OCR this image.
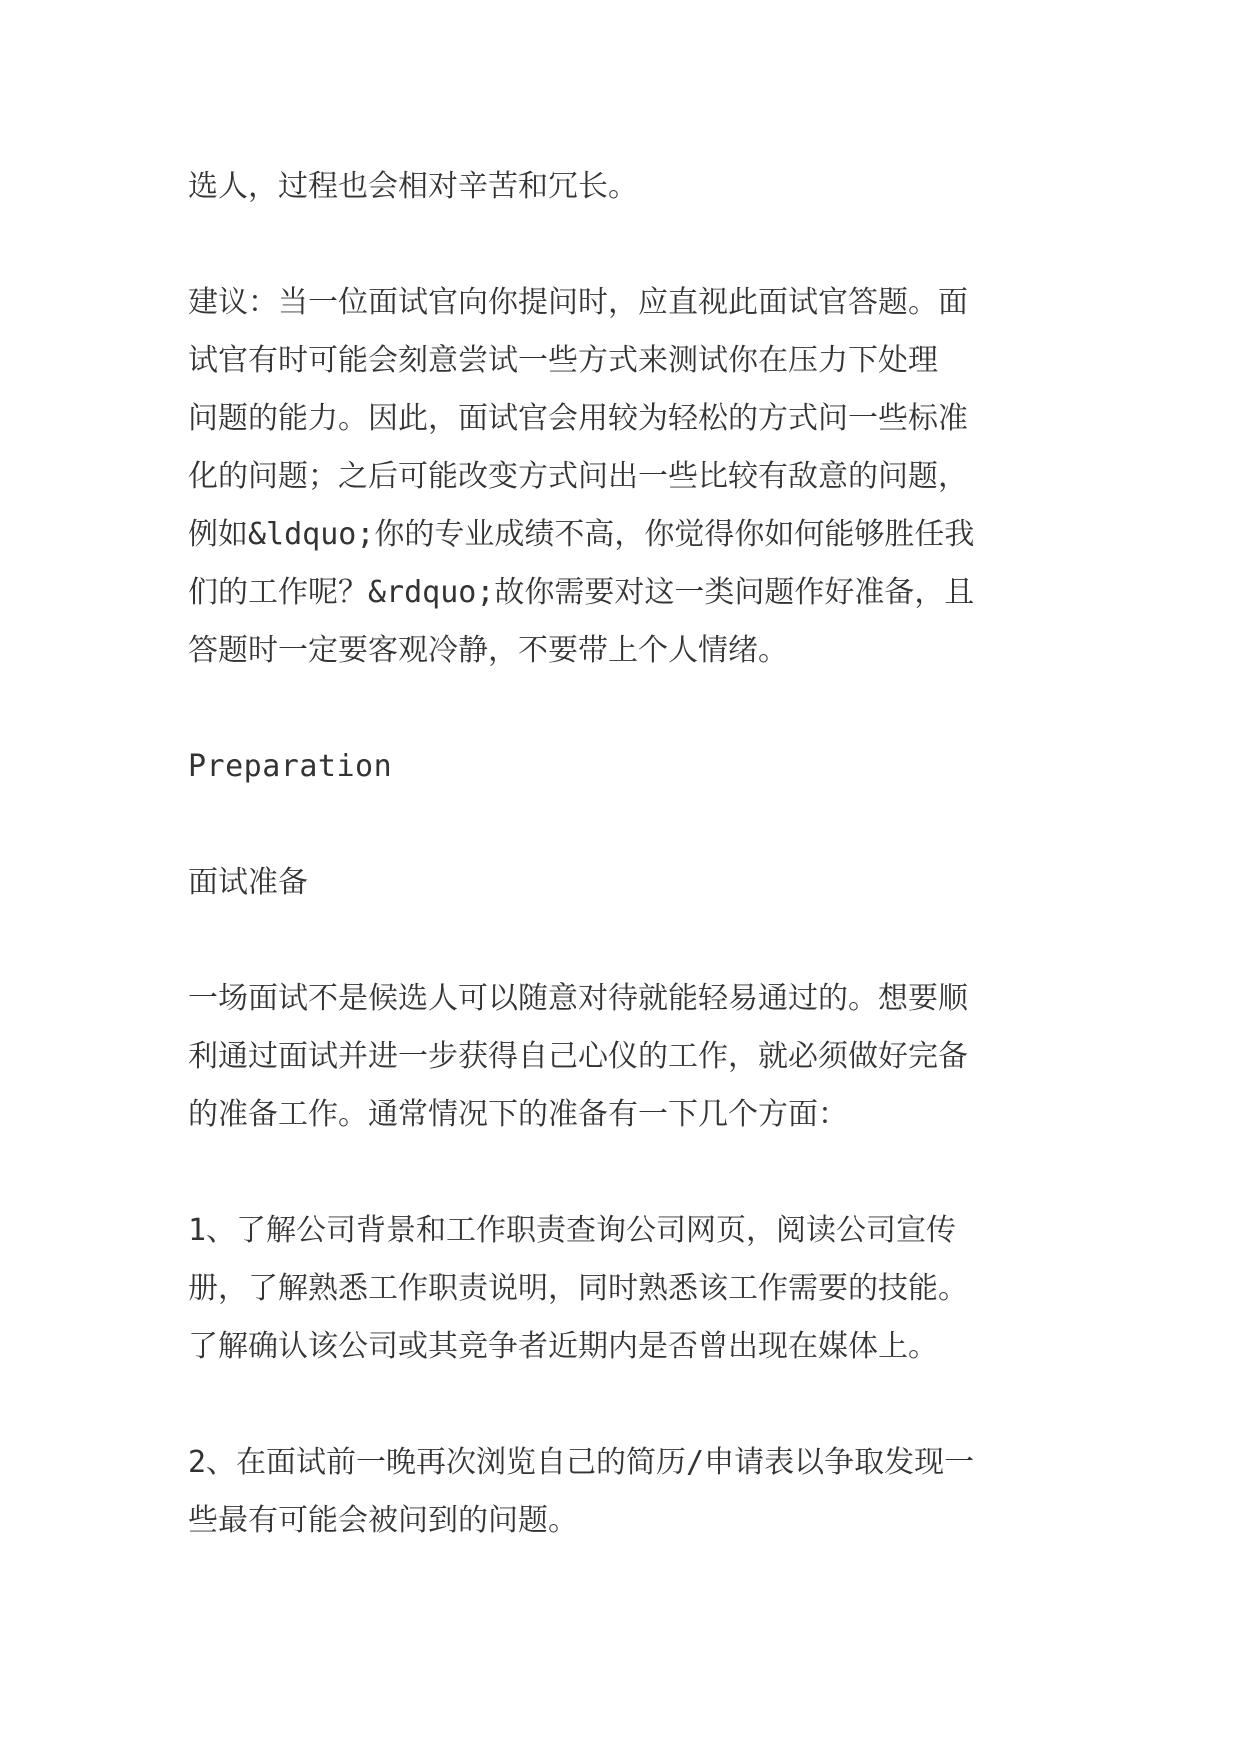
选人，过程也会相对辛苦和冗长。

建议：当一位面试官向你提问时，应直视此面试官答题。面
试官有时可能会刻意尝试一些方式来测试你在压力下处理
问题的能力。因此，面试官会用较为轻松的方式问一些标准
化的问题；之后可能改变方式问出一些比较有敌意的问题，
例如&ldquo;你的专业成绩不高，你觉得你如何能够胜任我
们的工作呢？&rdquo;故你需要对这一类问题作好准备，且
答题时一定要客观冷静，不要带上个人情绪。

Preparation

面试准备

一场面试不是候选人可以随意对待就能轻易通过的。想要顺
利通过面试并进一步获得自己心仪的工作，就必须做好完备
的准备工作。通常情况下的准备有一下几个方面：

1、了解公司背景和工作职责查询公司网页，阅读公司宣传
册，了解熟悉工作职责说明，同时熟悉该工作需要的技能。
了解确认该公司或其竞争者近期内是否曾出现在媒体上。

2、在面试前一晚再次浏览自己的简历/申请表以争取发现一
些最有可能会被问到的问题。
